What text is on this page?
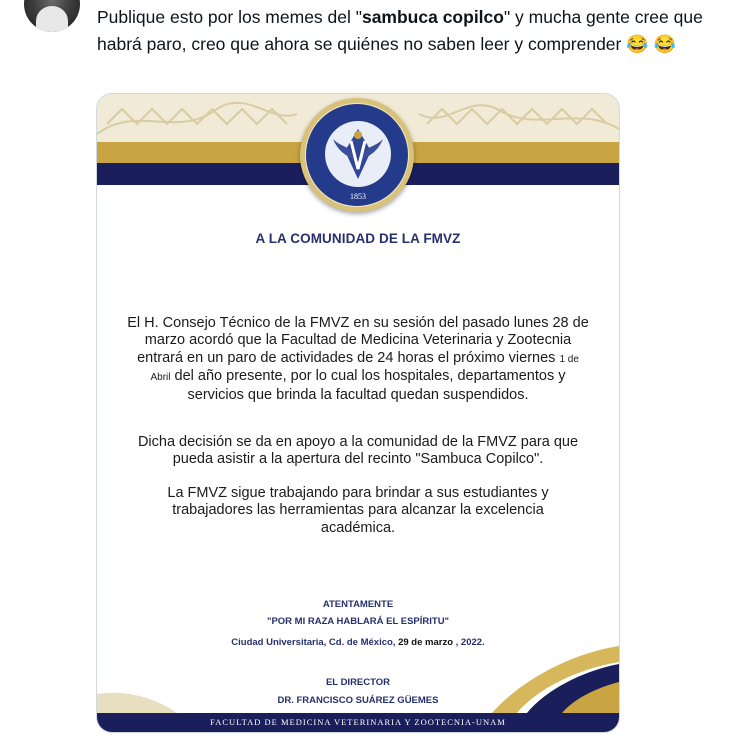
Publique esto por los memes del "sambuca copilco" y mucha gente cree que habrá paro, creo que ahora se quiénes no saben leer y comprender 😂 😂
1853
A LA COMUNIDAD DE LA FMVZ
El H. Consejo Técnico de la FMVZ en su sesión del pasado lunes 28 de marzo acordó que la Facultad de Medicina Veterinaria y Zootecnia entrará en un paro de actividades de 24 horas el próximo viernes 1 de Abril del año presente, por lo cual los hospitales, departamentos y servicios que brinda la facultad quedan suspendidos.
Dicha decisión se da en apoyo a la comunidad de la FMVZ para que pueda asistir a la apertura del recinto "Sambuca Copilco".
La FMVZ sigue trabajando para brindar a sus estudiantes y trabajadores las herramientas para alcanzar la excelencia académica.
ATENTAMENTE
"POR MI RAZA HABLARÁ EL ESPÍRITU"
Ciudad Universitaria, Cd. de México, 29 de marzo , 2022.
EL DIRECTOR
DR. FRANCISCO SUÁREZ GÜEMES
FACULTAD DE MEDICINA VETERINARIA Y ZOOTECNIA-UNAM
